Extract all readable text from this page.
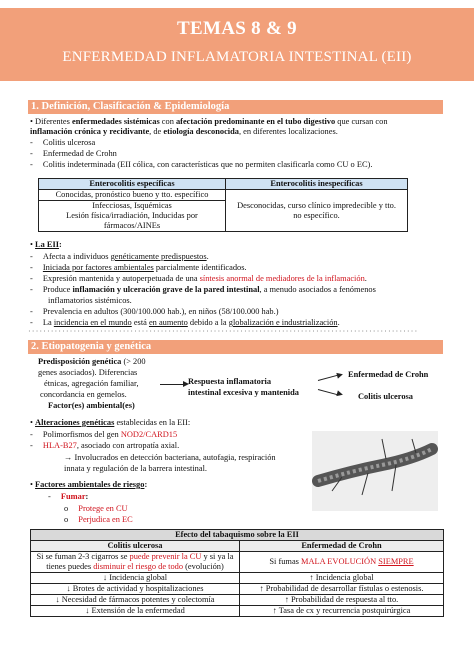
TEMAS 8 & 9
ENFERMEDAD INFLAMATORIA INTESTINAL (EII)
1. Definición, Clasificación & Epidemiología
• Diferentes enfermedades sistémicas con afectación predominante en el tubo digestivo que cursan con
inflamación crónica y recidivante, de etiología desconocida, en diferentes localizaciones.
- Colitis ulcerosa
- Enfermedad de Crohn
- Colitis indeterminada (EII cólica, con características que no permiten clasificarla como CU o EC).
Enterocolitis específicas	Enterocolitis inespecíficas
Conocidas, pronóstico bueno y tto. específico	Desconocidas, curso clínico impredecible y tto.
no específico.
Infecciosas, Isquémicas
Lesión física/irradiación, Inducidas por
fármacos/AINEs	
• La EII:
- Afecta a individuos genéticamente predispuestos.
- Iniciada por factores ambientales parcialmente identificados.
- Expresión mantenida y autoperpetuada de una síntesis anormal de mediadores de la inflamación.
- Produce inflamación y ulceración grave de la pared intestinal, a menudo asociados a fenómenos
inflamatorios sistémicos.
- Prevalencia en adultos (300/100.000 hab.), en niños (58/100.000 hab.)
- La incidencia en el mundo está en aumento debido a la globalización e industrialización.
·······································································································
2. Etiopatogenia y genética
Predisposición genética (> 200
genes asociados). Diferencias
étnicas, agregación familiar,
concordancia en gemelos.
Factor(es) ambiental(es)
Respuesta inflamatoria
intestinal excesiva y mantenida
Enfermedad de Crohn
Colitis ulcerosa
• Alteraciones genéticas establecidas en la EII:
- Polimorfismos del gen NOD2/CARD15
- HLA-B27, asociado con artropatía axial.
→ Involucrados en detección bacteriana, autofagia, respiración
innata y regulación de la barrera intestinal.
• Factores ambientales de riesgo:
- Fumar:
o Protege en CU
o Perjudica en EC
Efecto del tabaquismo sobre la EII	
Colitis ulcerosa	Enfermedad de Crohn
Si se fuman 2-3 cigarros se puede prevenir la CU y si ya la
tienes puedes disminuir el riesgo de todo (evolución)	Si fumas MALA EVOLUCIÓN SIEMPRE
↓ Incidencia global	↑ Incidencia global
↓ Brotes de actividad y hospitalizaciones	↑ Probabilidad de desarrollar fístulas o estenosis.
↓ Necesidad de fármacos potentes y colectomía	↑ Probabilidad de respuesta al tto.
↓ Extensión de la enfermedad	↑ Tasa de cx y recurrencia postquirúrgica
